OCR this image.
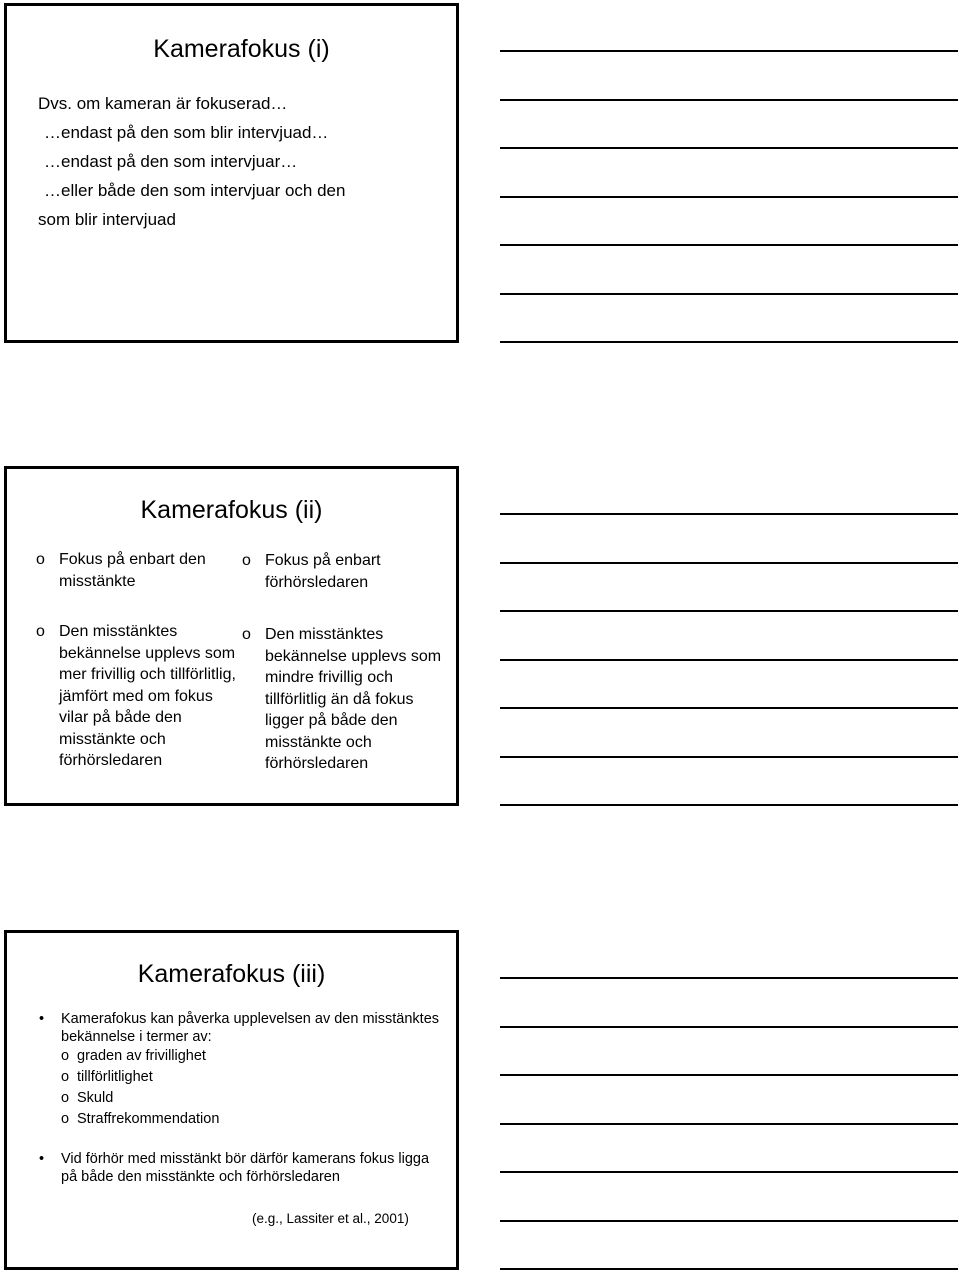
Kamerafokus (i)
Dvs. om kameran är fokuserad…
…endast på den som blir intervjuad…
…endast på den som intervjuar…
…eller både den som intervjuar och den
som blir intervjuad
Kamerafokus (ii)
o Fokus på enbart den misstänkte
o Den misstänktes bekännelse upplevs som mer frivillig och tillförlitlig, jämfört med om fokus vilar på både den misstänkte och förhörsledaren
o Fokus på enbart förhörsledaren
o Den misstänktes bekännelse upplevs som mindre frivillig och tillförlitlig än då fokus ligger på både den misstänkte och förhörsledaren
Kamerafokus (iii)
• Kamerafokus kan påverka upplevelsen av den misstänktes bekännelse i termer av:
o graden av frivillighet
o tillförlitlighet
o Skuld
o Straffrekommendation
• Vid förhör med misstänkt bör därför kamerans fokus ligga på både den misstänkte och förhörsledaren
(e.g., Lassiter et al., 2001)
